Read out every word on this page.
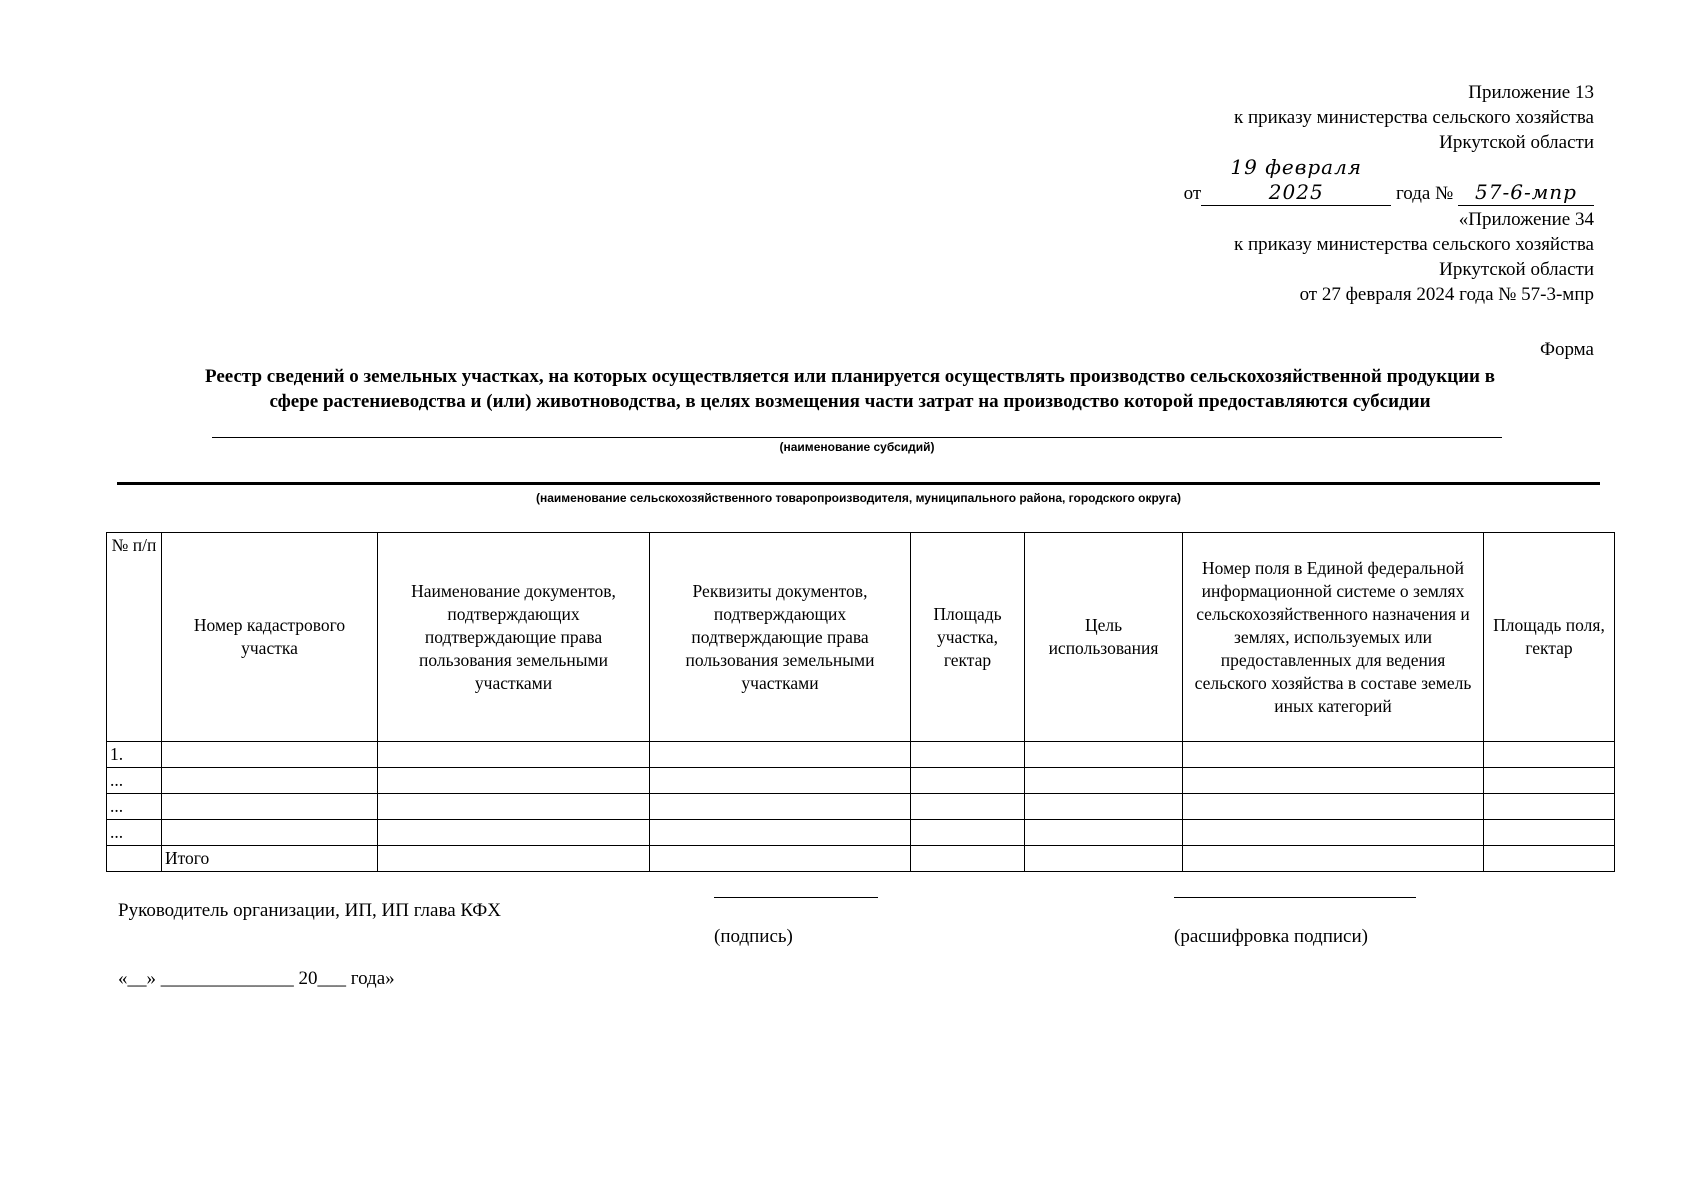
Приложение 13
к приказу министерства сельского хозяйства
Иркутской области
от19 февраля 2025	года № 57-6-мпр
«Приложение 34
к приказу министерства сельского хозяйства
Иркутской области
от 27 февраля 2024 года № 57-3-мпр
Форма
Реестр сведений о земельных участках, на которых осуществляется или планируется осуществлять производство сельскохозяйственной продукции в
сфере растениеводства и (или) животноводства, в целях возмещения части затрат на производство которой предоставляются субсидии
(наименование субсидий)
(наименование сельскохозяйственного товаропроизводителя, муниципального района, городского округа)
№ п/п	Номер кадастрового участка	Наименование документов, подтверждающих подтверждающие права пользования земельными участками	Реквизиты документов, подтверждающих подтверждающие права пользования земельными участками	Площадь участка, гектар	Цель использования	Номер поля в Единой федеральной информационной системе о землях сельскохозяйственного назначения и землях, используемых или предоставленных для ведения сельского хозяйства в составе земель иных категорий	Площадь поля, гектар
1.							
...							
...							
...							
	Итого						
Руководитель организации, ИП, ИП глава КФХ
(подпись)	(расшифровка подписи)
«__» ______________ 20___ года»
